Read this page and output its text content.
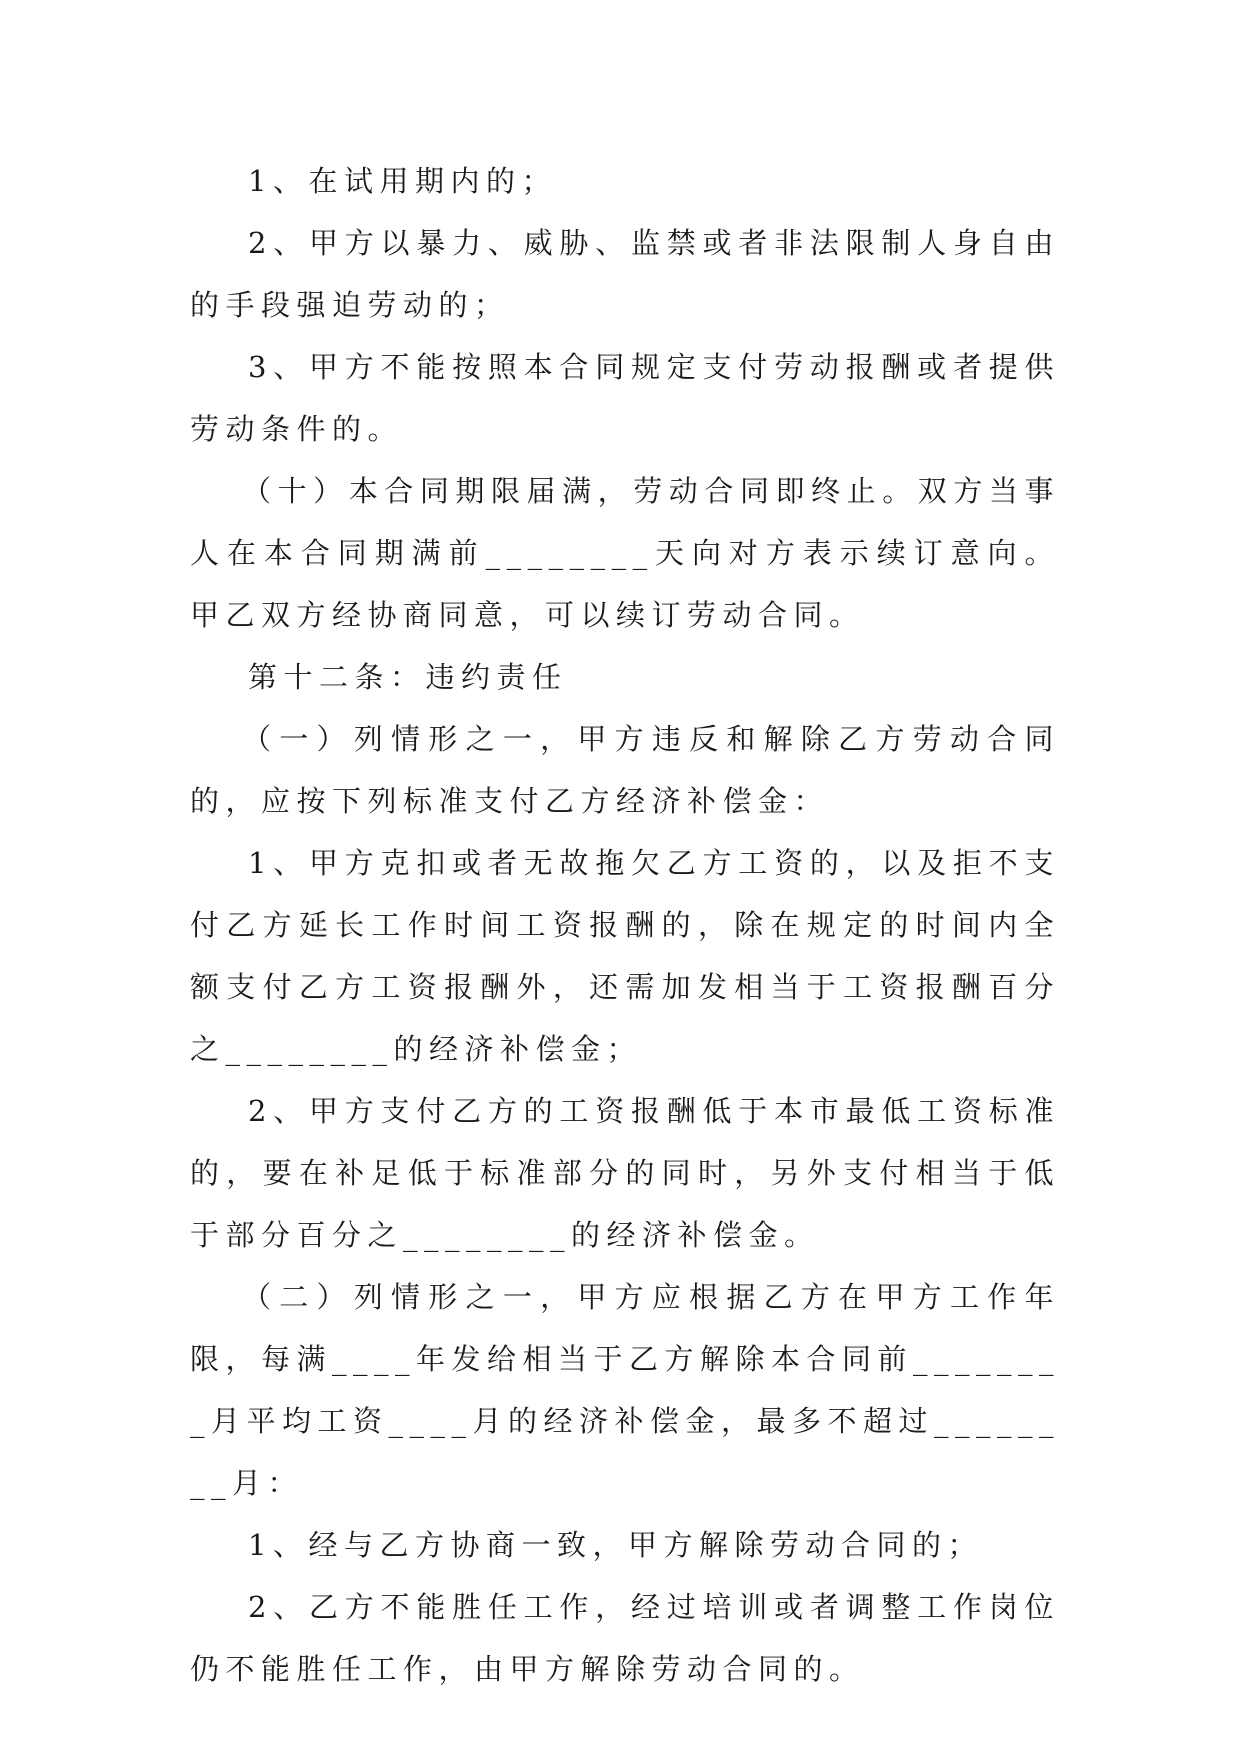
1、在试用期内的；

2、甲方以暴力、威胁、监禁或者非法限制人身自由的手段强迫劳动的；

3、甲方不能按照本合同规定支付劳动报酬或者提供劳动条件的。

（十）本合同期限届满，劳动合同即终止。双方当事人在本合同期满前________天向对方表示续订意向。甲乙双方经协商同意，可以续订劳动合同。

第十二条：违约责任

（一）列情形之一，甲方违反和解除乙方劳动合同的，应按下列标准支付乙方经济补偿金：

1、甲方克扣或者无故拖欠乙方工资的，以及拒不支付乙方延长工作时间工资报酬的，除在规定的时间内全额支付乙方工资报酬外，还需加发相当于工资报酬百分之________的经济补偿金；

2、甲方支付乙方的工资报酬低于本市最低工资标准的，要在补足低于标准部分的同时，另外支付相当于低于部分百分之________的经济补偿金。

（二）列情形之一，甲方应根据乙方在甲方工作年限，每满____年发给相当于乙方解除本合同前________月平均工资____月的经济补偿金，最多不超过________月：

1、经与乙方协商一致，甲方解除劳动合同的；

2、乙方不能胜任工作，经过培训或者调整工作岗位仍不能胜任工作，由甲方解除劳动合同的。
